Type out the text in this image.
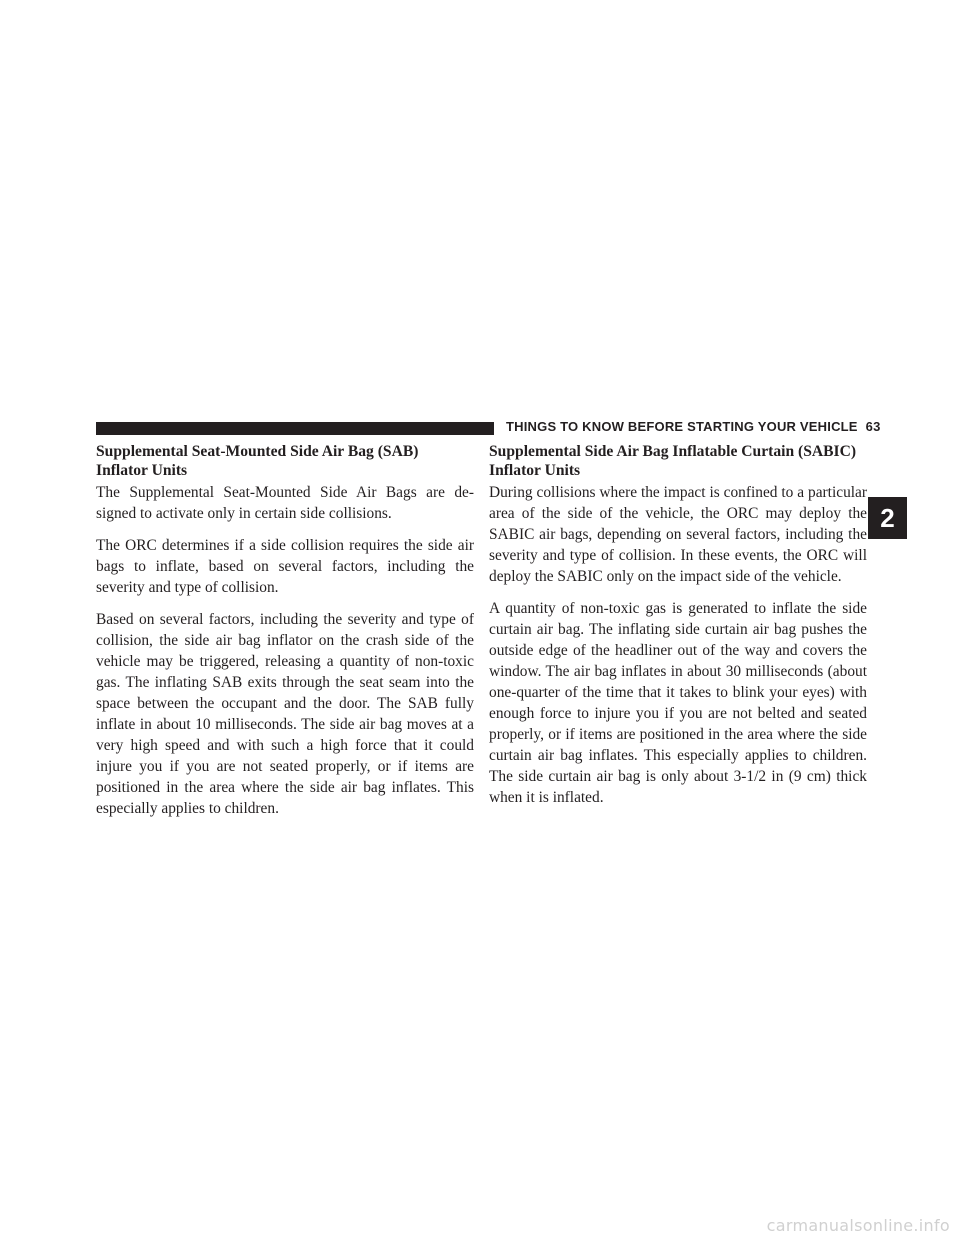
THINGS TO KNOW BEFORE STARTING YOUR VEHICLE 63
2
Supplemental Seat-Mounted Side Air Bag (SAB) Inflator Units

The Supplemental Seat-Mounted Side Air Bags are de-signed to activate only in certain side collisions.

The ORC determines if a side collision requires the side air bags to inflate, based on several factors, including the severity and type of collision.

Based on several factors, including the severity and type of collision, the side air bag inflator on the crash side of the vehicle may be triggered, releasing a quantity of non-toxic gas. The inflating SAB exits through the seat seam into the space between the occupant and the door. The SAB fully inflate in about 10 milliseconds. The side air bag moves at a very high speed and with such a high force that it could injure you if you are not seated properly, or if items are positioned in the area where the side air bag inflates. This especially applies to children.

Supplemental Side Air Bag Inflatable Curtain (SABIC) Inflator Units

During collisions where the impact is confined to a particular area of the side of the vehicle, the ORC may deploy the SABIC air bags, depending on several factors, including the severity and type of collision. In these events, the ORC will deploy the SABIC only on the impact side of the vehicle.

A quantity of non-toxic gas is generated to inflate the side curtain air bag. The inflating side curtain air bag pushes the outside edge of the headliner out of the way and covers the window. The air bag inflates in about 30 milliseconds (about one-quarter of the time that it takes to blink your eyes) with enough force to injure you if you are not belted and seated properly, or if items are positioned in the area where the side curtain air bag inflates. This especially applies to children. The side curtain air bag is only about 3-1/2 in (9 cm) thick when it is inflated.

carmanualsonline.info
